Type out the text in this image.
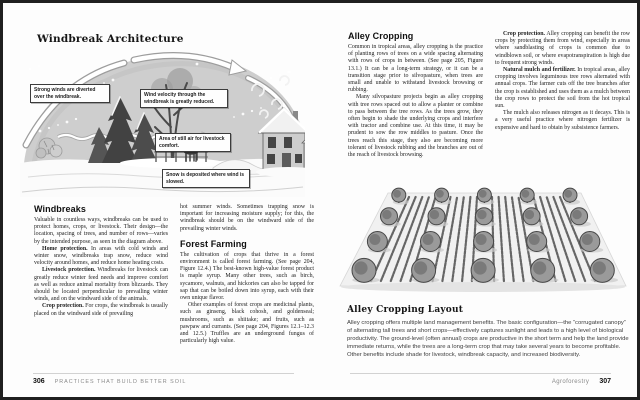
Windbreak Architecture
Strong winds are diverted over the windbreak.	Wind velocity through the windbreak is greatly reduced.
Area of still air for livestock comfort.
Snow is deposited where wind is slowed.
Windbreaks

Valuable in countless ways, windbreaks can be used to protect homes, crops, or livestock. Their design—the location, spacing of trees, and number of rows—varies by the intended purpose, as seen in the diagram above.

Home protection. In areas with cold winds and winter snow, windbreaks trap snow, reduce wind velocity around homes, and reduce home heating costs.

Livestock protection. Windbreaks for livestock can greatly reduce winter feed needs and improve comfort as well as reduce animal mortality from blizzards. They should be located perpendicular to prevailing winter winds, and on the windward side of the animals.

Crop protection. For crops, the windbreak is usually placed on the windward side of prevailing

hot summer winds. Sometimes trapping snow is important for increasing moisture supply; for this, the windbreak should be on the windward side of the prevailing winter winds.

Forest Farming

The cultivation of crops that thrive in a forest environment is called forest farming. (See page 204, Figure 12.4.) The best-known high-value forest product is maple syrup. Many other trees, such as birch, sycamore, walnuts, and hickories can also be tapped for sap that can be boiled down into syrup, each with their own unique flavor.

Other examples of forest crops are medicinal plants, such as ginseng, black cohosh, and goldenseal; mushrooms, such as shiitake; and fruits, such as pawpaw and currants. (See page 204, Figures 12.1–12.3 and 12.5.) Truffles are an underground fungus of particularly high value.

306 PRACTICES THAT BUILD BETTER SOIL
Alley Cropping

Common in tropical areas, alley cropping is the practice of planting rows of trees on a wide spacing alternating with rows of crops in between. (See page 205, Figure 13.1.) It can be a long-term strategy, or it can be a transition stage prior to silvopasture, when trees are small and unable to withstand livestock browsing or rubbing.

Many silvopasture projects begin as alley cropping with tree rows spaced out to allow a planter or combine to pass between the tree rows. As the trees grow, they often begin to shade the underlying crops and interfere with tractor and combine use. At this time, it may be prudent to sow the row middles to pasture. Once the trees reach this stage, they also are becoming more tolerant of livestock rubbing and the branches are out of the reach of livestock browsing.

Crop protection. Alley cropping can benefit the row crops by protecting them from wind, especially in areas where sandblasting of crops is common due to windblown soil, or where evapotranspiration is high due to frequent strong winds.

Natural mulch and fertilizer. In tropical areas, alley cropping involves leguminous tree rows alternated with annual crops. The farmer cuts off the tree branches after the crop is established and uses them as a mulch between the crop rows to protect the soil from the hot tropical sun.

The mulch also releases nitrogen as it decays. This is a very useful practice where nitrogen fertilizer is expensive and hard to obtain by subsistence farmers.

Alley Cropping Layout

Alley cropping offers multiple land management benefits. The basic configuration—the “corrugated canopy” of alternating tall trees and short crops—effectively captures sunlight and leads to a high level of biological productivity. The ground-level (often annual) crops are productive in the short term and help the land provide immediate returns, while the trees are a long-term crop that may take several years to become profitable. Other benefits include shade for livestock, windbreak capacity, and increased biodiversity.

Agroforestry 307
